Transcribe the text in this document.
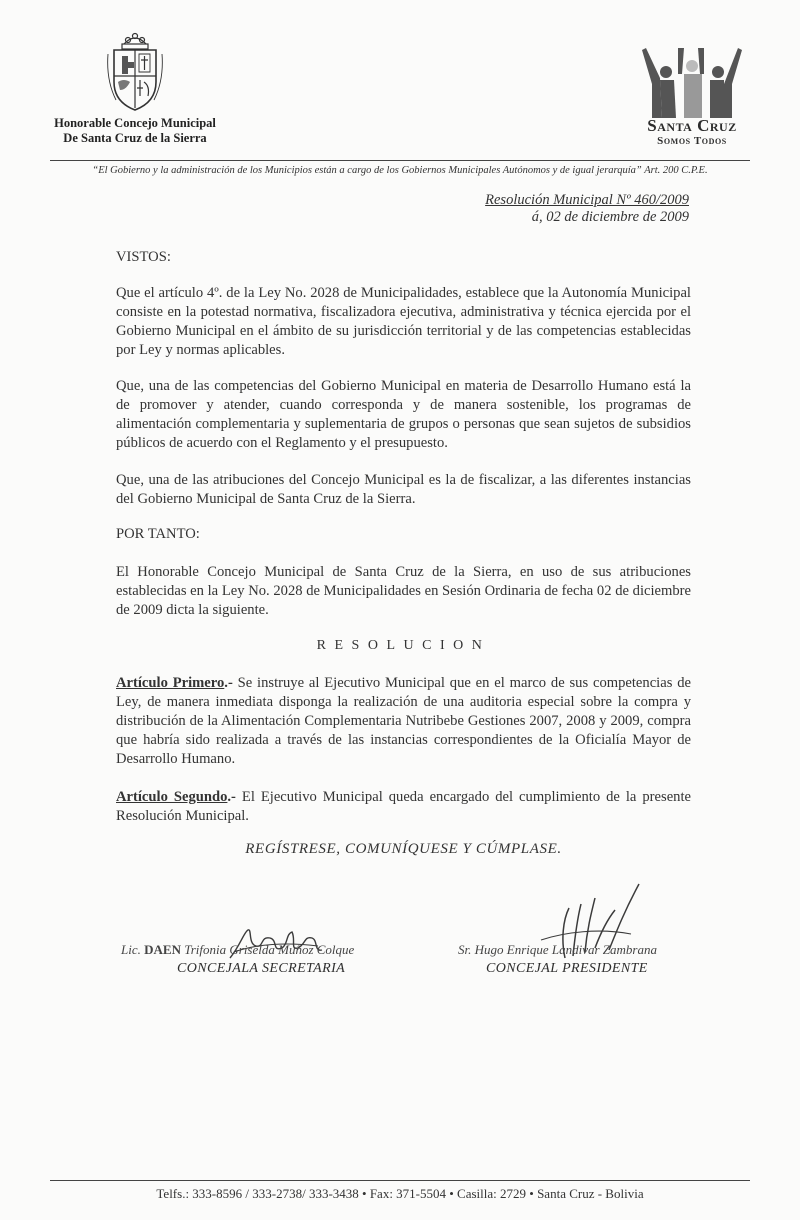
Honorable Concejo Municipal
De Santa Cruz de la Sierra
Santa Cruz
Somos Todos
“El Gobierno y la administración de los Municipios están a cargo de los Gobiernos Municipales Autónomos y de igual jerarquía” Art. 200 C.P.E.
Resolución Municipal Nº 460/2009
á, 02 de diciembre de 2009
VISTOS:

Que el artículo 4º. de la Ley No. 2028 de Municipalidades, establece que la Autonomía Municipal consiste en la potestad normativa, fiscalizadora ejecutiva, administrativa y técnica ejercida por el Gobierno Municipal en el ámbito de su jurisdicción territorial y de las competencias establecidas por Ley y normas aplicables.

Que, una de las competencias del Gobierno Municipal en materia de Desarrollo Humano está la de promover y atender, cuando corresponda y de manera sostenible, los programas de alimentación complementaria y suplementaria de grupos o personas que sean sujetos de subsidios públicos de acuerdo con el Reglamento y el presupuesto.

Que, una de las atribuciones del Concejo Municipal es la de fiscalizar, a las diferentes instancias del Gobierno Municipal de Santa Cruz de la Sierra.

POR TANTO:

El Honorable Concejo Municipal de Santa Cruz de la Sierra, en uso de sus atribuciones establecidas en la Ley No. 2028 de Municipalidades en Sesión Ordinaria de fecha 02 de diciembre de 2009 dicta la siguiente.

RESOLUCION

Artículo Primero.- Se instruye al Ejecutivo Municipal que en el marco de sus competencias de Ley, de manera inmediata disponga la realización de una auditoria especial sobre la compra y distribución de la Alimentación Complementaria Nutribebe Gestiones 2007, 2008 y 2009, compra que habría sido realizada a través de las instancias correspondientes de la Oficialía Mayor de Desarrollo Humano.

Artículo Segundo.- El Ejecutivo Municipal queda encargado del cumplimiento de la presente Resolución Municipal.

REGÍSTRESE, COMUNÍQUESE Y CÚMPLASE.
Lic. DAEN Trifonia Griselda Muñoz Colque
CONCEJALA SECRETARIA
Sr. Hugo Enrique Landivar Zambrana
CONCEJAL PRESIDENTE
Telfs.: 333-8596 / 333-2738/ 333-3438 • Fax: 371-5504 • Casilla: 2729 • Santa Cruz - Bolivia
